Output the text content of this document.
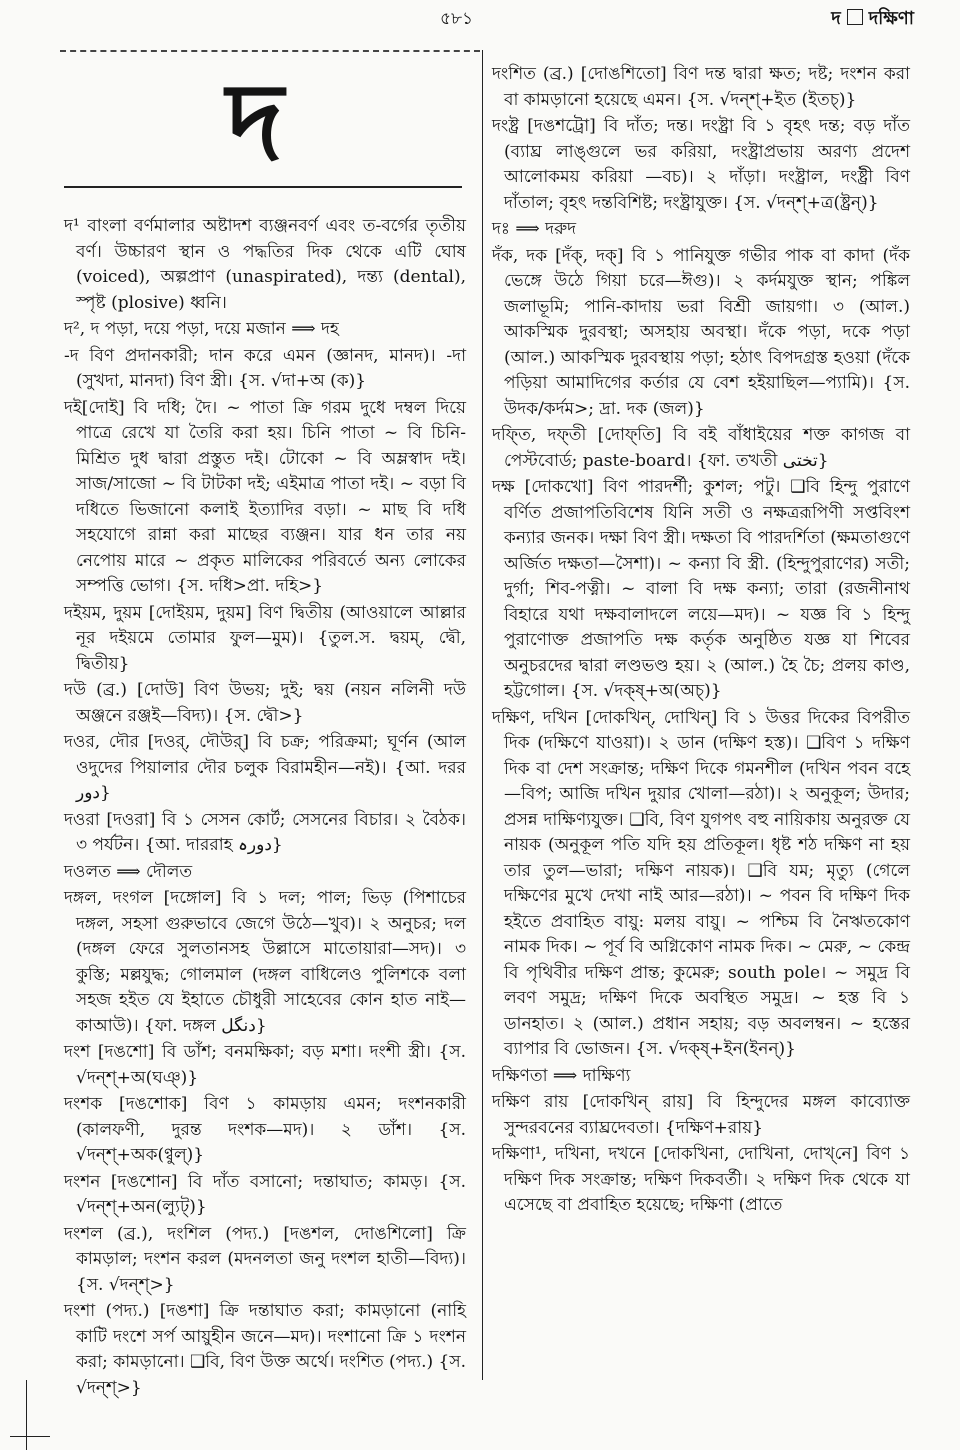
৫৮১	দ দক্ষিণা
দ

দ¹ বাংলা বর্ণমালার অষ্টাদশ ব্যঞ্জনবর্ণ এবং ত-বর্গের তৃতীয় বর্ণ। উচ্চারণ স্থান ও পদ্ধতির দিক থেকে এটি ঘোষ (voiced), অল্পপ্রাণ (unaspirated), দন্ত্য (dental), স্পৃষ্ট (plosive) ধ্বনি।

দ², দ পড়া, দয়ে পড়া, দয়ে মজান ⟹ দহ

-দ বিণ প্রদানকারী; দান করে এমন (জ্ঞানদ, মানদ)। -দা (সুখদা, মানদা) বিণ স্ত্রী। {স. √দা+অ (ক)}

দই[দোই] বি দধি; দৈ। ~ পাতা ক্রি গরম দুধে দম্বল দিয়ে পাত্রে রেখে যা তৈরি করা হয়। চিনি পাতা ~ বি চিনি-মিশ্রিত দুধ দ্বারা প্রস্তুত দই। টোকো ~ বি অম্লস্বাদ দই। সাজ/সাজো ~ বি টাটকা দই; এইমাত্র পাতা দই। ~ বড়া বি দধিতে ভিজানো কলাই ইত্যাদির বড়া। ~ মাছ বি দধি সহযোগে রান্না করা মাছের ব্যঞ্জন। যার ধন তার নয় নেপোয় মারে ~ প্রকৃত মালিকের পরিবর্তে অন্য লোকের সম্পত্তি ভোগ। {স. দধি>প্রা. দহি>}

দইয়ম, দুয়ম [দোইয়ম, দুয়ম] বিণ দ্বিতীয় (আওয়ালে আল্লার নূর দইয়মে তোমার ফুল—মুম)। {তুল.স. দ্বয়ম্, দ্বৌ, দ্বিতীয়}

দউ (ব্র.) [দোউ] বিণ উভয়; দুই; দ্বয় (নয়ন নলিনী দউ অঞ্জনে রঞ্জই—বিদ্য)। {স. দ্বৌ>}

দওর, দৌর [দওর্, দৌউর্] বি চক্র; পরিক্রমা; ঘূর্ণন (আল ওদুদের পিয়ালার দৌর চলুক বিরামহীন—নই)। {আ. দরর دور}

দওরা [দওরা] বি ১ সেসন কোর্ট; সেসনের বিচার। ২ বৈঠক। ৩ পর্যটন। {আ. দাররাহ دورہ}

দওলত ⟹ দৌলত

দঙ্গল, দংগল [দঙ্গোল] বি ১ দল; পাল; ভিড় (পিশাচের দঙ্গল, সহসা গুরুভাবে জেগে উঠে—খুব)। ২ অনুচর; দল (দঙ্গল ফেরে সুলতানসহ উল্লাসে মাতোয়ারা—সদ)। ৩ কুস্তি; মল্লযুদ্ধ; গোলমাল (দঙ্গল বাধিলেও পুলিশকে বলা সহজ হইত যে ইহাতে চৌধুরী সাহেবের কোন হাত নাই—কাআউ)। {ফা. দঙ্গল دنگل}

দংশ [দঙশো] বি ডাঁশ; বনমক্ষিকা; বড় মশা। দংশী স্ত্রী। {স. √দন্‌শ্+অ(ঘঞ্)}

দংশক [দঙশোক] বিণ ১ কামড়ায় এমন; দংশনকারী (কালফণী, দুরন্ত দংশক—মদ)। ২ ডাঁশ। {স. √দন্‌শ্+অক(ণ্বুল্)}

দংশন [দঙশোন] বি দাঁত বসানো; দন্তাঘাত; কামড়। {স. √দন্‌শ্+অন(ল্যুট্)}

দংশল (ব্র.), দংশিল (পদ্য.) [দঙশল, দোঙশিলো] ক্রি কামড়াল; দংশন করল (মদনলতা জনু দংশল হাতী—বিদ্য)। {স. √দন্‌শ্>}

দংশা (পদ্য.) [দঙশা] ক্রি দন্তাঘাত করা; কামড়ানো (নাহি কাটি দংশে সর্প আয়ুহীন জনে—মদ)। দংশানো ক্রি ১ দংশন করা; কামড়ানো। ❑বি, বিণ উক্ত অর্থে। দংশিত (পদ্য.) {স. √দন্‌শ্>}

দংশিত (ব্র.) [দোঙশিতো] বিণ দন্ত দ্বারা ক্ষত; দষ্ট; দংশন করা বা কামড়ানো হয়েছে এমন। {স. √দন্‌শ্+ইত (ইতচ্)}

দংষ্ট্র [দঙশট্রো] বি দাঁত; দন্ত। দংষ্ট্রা বি ১ বৃহৎ দন্ত; বড় দাঁত (ব্যাঘ্র লাঙ্গুলে ভর করিয়া, দংষ্ট্রাপ্রভায় অরণ্য প্রদেশ আলোকময় করিয়া —বচ)। ২ দাঁড়া। দংষ্ট্রাল, দংষ্ট্রী বিণ দাঁতাল; বৃহৎ দন্তবিশিষ্ট; দংষ্ট্রাযুক্ত। {স. √দন্‌শ্+ত্র(ষ্ট্রন্)}

দঃ ⟹ দরুদ

দঁক, দক [দঁক্, দক্] বি ১ পানিযুক্ত গভীর পাক বা কাদা (দঁক ভেঙ্গে উঠে গিয়া চরে—ঈগু)। ২ কর্দমযুক্ত স্থান; পঙ্কিল জলাভূমি; পানি-কাদায় ভরা বিশ্রী জায়গা। ৩ (আল.) আকস্মিক দুরবস্থা; অসহায় অবস্থা। দঁকে পড়া, দকে পড়া (আল.) আকস্মিক দুরবস্থায় পড়া; হঠাৎ বিপদগ্রস্ত হওয়া (দঁকে পড়িয়া আমাদিগের কর্তার যে বেশ হইয়াছিল—প্যামি)। {স. উদক/কর্দম>; দ্রা. দক (জল)}

দফ্তি, দফ্তী [দোফ্‌তি] বি বই বাঁধাইয়ের শক্ত কাগজ বা পেস্টবোর্ড; paste-board। {ফা. তখতী تختی}

দক্ষ [দোকখো] বিণ পারদর্শী; কুশল; পটু। ❑বি হিন্দু পুরাণে বর্ণিত প্রজাপতিবিশেষ যিনি সতী ও নক্ষত্ররূপিণী সপ্তবিংশ কন্যার জনক। দক্ষা বিণ স্ত্রী। দক্ষতা বি পারদর্শিতা (ক্ষমতাগুণে অর্জিত দক্ষতা—সৈশা)। ~ কন্যা বি স্ত্রী. (হিন্দুপুরাণের) সতী; দুর্গা; শিব-পত্নী। ~ বালা বি দক্ষ কন্যা; তারা (রজনীনাথ বিহারে যথা দক্ষবালাদলে লয়ে—মদ)। ~ যজ্ঞ বি ১ হিন্দু পুরাণোক্ত প্রজাপতি দক্ষ কর্তৃক অনুষ্ঠিত যজ্ঞ যা শিবের অনুচরদের দ্বারা লণ্ডভণ্ড হয়। ২ (আল.) হৈ চৈ; প্রলয় কাণ্ড, হট্টগোল। {স. √দক্ষ্+অ(অচ্)}

দক্ষিণ, দখিন [দোকখিন্, দোখিন্] বি ১ উত্তর দিকের বিপরীত দিক (দক্ষিণে যাওয়া)। ২ ডান (দক্ষিণ হস্ত)। ❑বিণ ১ দক্ষিণ দিক বা দেশ সংক্রান্ত; দক্ষিণ দিকে গমনশীল (দখিন পবন বহে—বিপ; আজি দখিন দুয়ার খোলা—রঠা)। ২ অনুকূল; উদার; প্রসন্ন দাক্ষিণ্যযুক্ত। ❑বি, বিণ যুগপৎ বহু নায়িকায় অনুরক্ত যে নায়ক (অনুকূল পতি যদি হয় প্রতিকূল। ধৃষ্ট শঠ দক্ষিণ না হয় তার তুল—ভারা; দক্ষিণ নায়ক)। ❑বি যম; মৃত্যু (গেলে দক্ষিণের মুখে দেখা নাই আর—রঠা)। ~ পবন বি দক্ষিণ দিক হইতে প্রবাহিত বায়ু: মলয় বায়ু। ~ পশ্চিম বি নৈঋতকোণ নামক দিক। ~ পূর্ব বি অগ্নিকোণ নামক দিক। ~ মেরু, ~ কেন্দ্র বি পৃথিবীর দক্ষিণ প্রান্ত; কুমেরু; south pole। ~ সমুদ্র বি লবণ সমুদ্র; দক্ষিণ দিকে অবস্থিত সমুদ্র। ~ হস্ত বি ১ ডানহাত। ২ (আল.) প্রধান সহায়; বড় অবলম্বন। ~ হস্তের ব্যাপার বি ভোজন। {স. √দক্ষ্+ইন(ইনন্)}

দক্ষিণতা ⟹ দাক্ষিণ্য

দক্ষিণ রায় [দোকখিন্ রায়] বি হিন্দুদের মঙ্গল কাব্যোক্ত সুন্দরবনের ব্যাঘ্রদেবতা। {দক্ষিণ+রায়}

দক্ষিণা¹, দখিনা, দখনে [দোকখিনা, দোখিনা, দোখ্‌নে] বিণ ১ দক্ষিণ দিক সংক্রান্ত; দক্ষিণ দিকবর্তী। ২ দক্ষিণ দিক থেকে যা এসেছে বা প্রবাহিত হয়েছে; দক্ষিণা (প্রাতে
